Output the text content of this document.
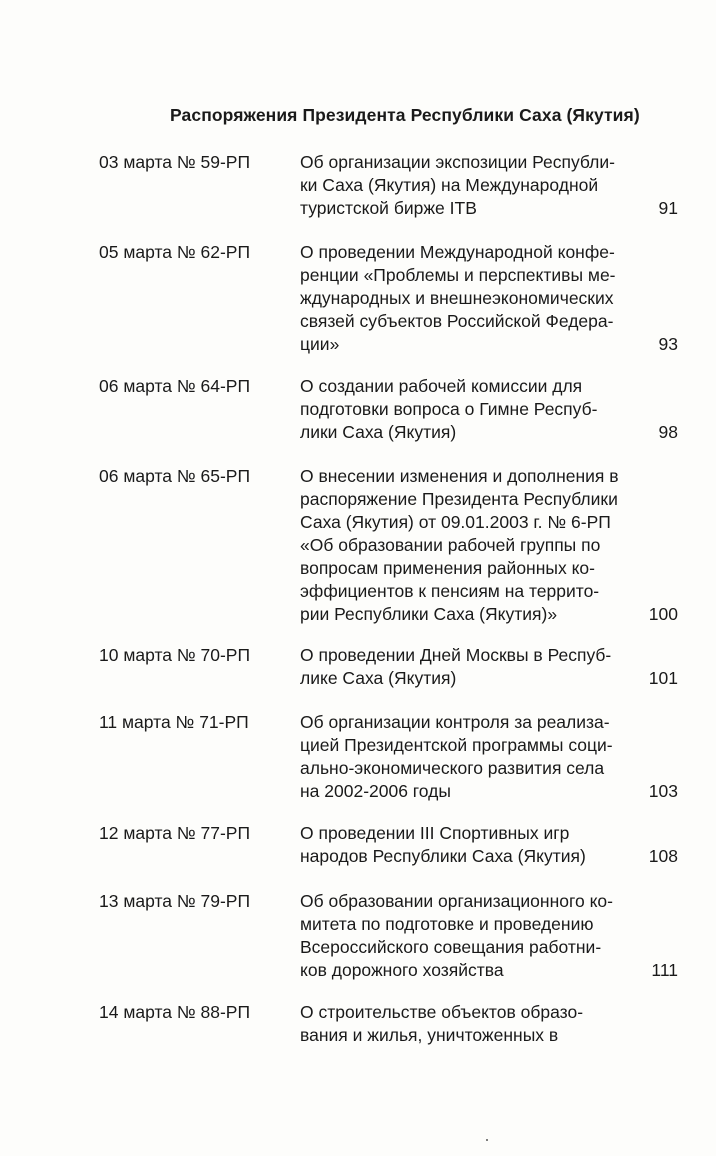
Распоряжения Президента Республики Саха (Якутия)
03 марта № 59-РП	Об организации экспозиции Республи-
ки Саха (Якутия) на Международной
туристской бирже ITB	91
05 марта № 62-РП	О проведении Международной конфе-
ренции «Проблемы и перспективы ме-
ждународных и внешнеэкономических
связей субъектов Российской Федера-
ции»	93
06 марта № 64-РП	О создании рабочей комиссии для
подготовки вопроса о Гимне Респуб-
лики Саха (Якутия)	98
06 марта № 65-РП	О внесении изменения и дополнения в
распоряжение Президента Республики
Саха (Якутия) от 09.01.2003 г. № 6-РП
«Об образовании рабочей группы по
вопросам применения районных ко-
эффициентов к пенсиям на террито-
рии Республики Саха (Якутия)»	100
10 марта № 70-РП	О проведении Дней Москвы в Респуб-
лике Саха (Якутия)	101
11 марта № 71-РП	Об организации контроля за реализа-
цией Президентской программы соци-
ально-экономического развития села
на 2002-2006 годы	103
12 марта № 77-РП	О проведении III Спортивных игр
народов Республики Саха (Якутия)	108
13 марта № 79-РП	Об образовании организационного ко-
митета по подготовке и проведению
Всероссийского совещания работни-
ков дорожного хозяйства	111
14 марта № 88-РП	О строительстве объектов образо-
вания и жилья, уничтоженных в
